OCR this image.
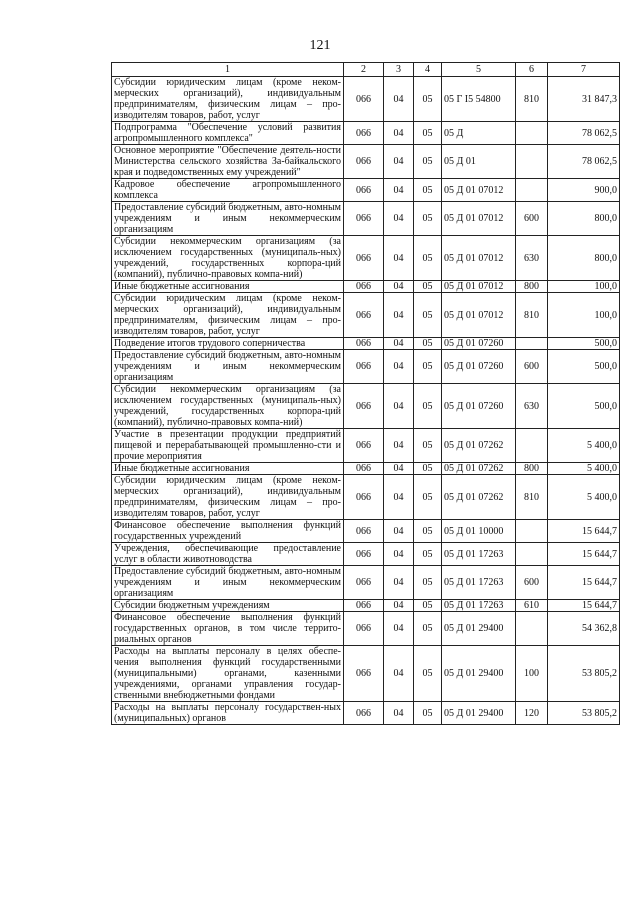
121
1	2	3	4	5	6	7
Субсидии юридическим лицам (кроме неком-мерческих организаций), индивидуальным предпринимателям, физическим лицам – про-изводителям товаров, работ, услуг	066	04	05	05 Г I5 54800	810	31 847,3
Подпрограмма "Обеспечение условий развития агропромышленного комплекса"	066	04	05	05 Д		78 062,5
Основное мероприятие "Обеспечение деятель-ности Министерства сельского хозяйства За-байкальского края и подведомственных ему учреждений"	066	04	05	05 Д 01		78 062,5
Кадровое обеспечение агропромышленного комплекса	066	04	05	05 Д 01 07012		900,0
Предоставление субсидий бюджетным, авто-номным учреждениям и иным некоммерческим организациям	066	04	05	05 Д 01 07012	600	800,0
Субсидии некоммерческим организациям (за исключением государственных (муниципаль-ных) учреждений, государственных корпора-ций (компаний), публично-правовых компа-ний)	066	04	05	05 Д 01 07012	630	800,0
Иные бюджетные ассигнования	066	04	05	05 Д 01 07012	800	100,0
Субсидии юридическим лицам (кроме неком-мерческих организаций), индивидуальным предпринимателям, физическим лицам – про-изводителям товаров, работ, услуг	066	04	05	05 Д 01 07012	810	100,0
Подведение итогов трудового соперничества	066	04	05	05 Д 01 07260		500,0
Предоставление субсидий бюджетным, авто-номным учреждениям и иным некоммерческим организациям	066	04	05	05 Д 01 07260	600	500,0
Субсидии некоммерческим организациям (за исключением государственных (муниципаль-ных) учреждений, государственных корпора-ций (компаний), публично-правовых компа-ний)	066	04	05	05 Д 01 07260	630	500,0
Участие в презентации продукции предприятий пищевой и перерабатывающей промышленно-сти и прочие мероприятия	066	04	05	05 Д 01 07262		5 400,0
Иные бюджетные ассигнования	066	04	05	05 Д 01 07262	800	5 400,0
Субсидии юридическим лицам (кроме неком-мерческих организаций), индивидуальным предпринимателям, физическим лицам – про-изводителям товаров, работ, услуг	066	04	05	05 Д 01 07262	810	5 400,0
Финансовое обеспечение выполнения функций государственных учреждений	066	04	05	05 Д 01 10000		15 644,7
Учреждения, обеспечивающие предоставление услуг в области животноводства	066	04	05	05 Д 01 17263		15 644,7
Предоставление субсидий бюджетным, авто-номным учреждениям и иным некоммерческим организациям	066	04	05	05 Д 01 17263	600	15 644,7
Субсидии бюджетным учреждениям	066	04	05	05 Д 01 17263	610	15 644,7
Финансовое обеспечение выполнения функций государственных органов, в том числе террито-риальных органов	066	04	05	05 Д 01 29400		54 362,8
Расходы на выплаты персоналу в целях обеспе-чения выполнения функций государственными (муниципальными) органами, казенными учреждениями, органами управления государ-ственными внебюджетными фондами	066	04	05	05 Д 01 29400	100	53 805,2
Расходы на выплаты персоналу государствен-ных (муниципальных) органов	066	04	05	05 Д 01 29400	120	53 805,2
